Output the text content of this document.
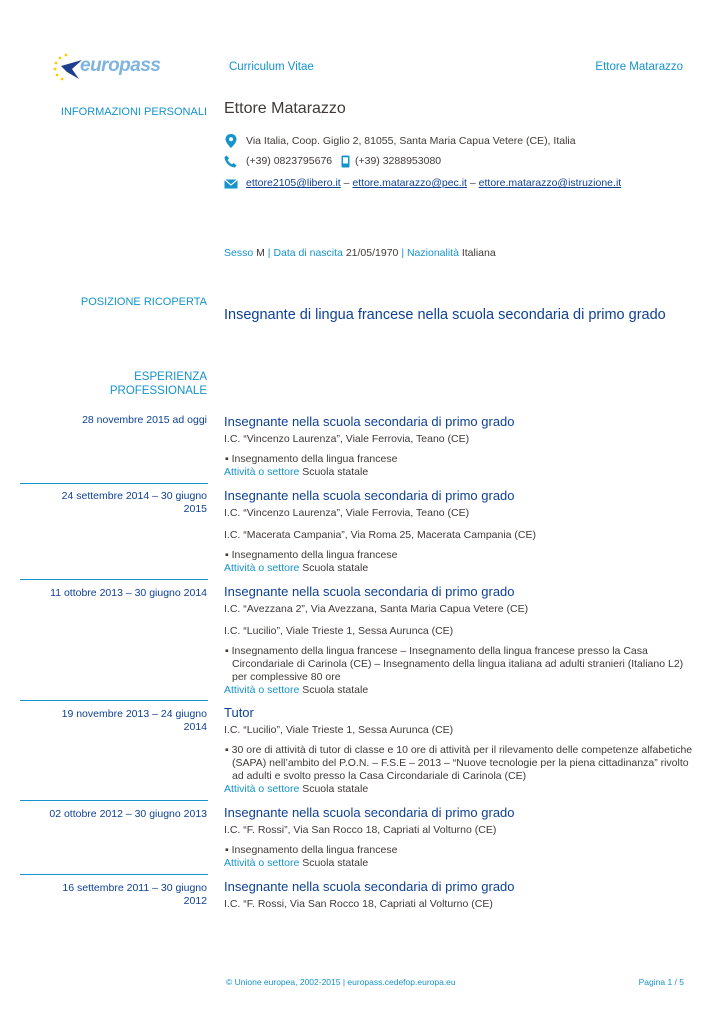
europass	Curriculum Vitae	Ettore Matarazzo
INFORMAZIONI PERSONALI Ettore Matarazzo
Via Italia, Coop. Giglio 2, 81055, Santa Maria Capua Vetere (CE), Italia
(+39) 0823795676 (+39) 3288953080
ettore2105@libero.it – ettore.matarazzo@pec.it – ettore.matarazzo@istruzione.it
Sesso M | Data di nascita 21/05/1970 | Nazionalità Italiana
POSIZIONE RICOPERTA
Insegnante di lingua francese nella scuola secondaria di primo grado
ESPERIENZA
PROFESSIONALE
28 novembre 2015 ad oggi Insegnante nella scuola secondaria di primo grado
I.C. “Vincenzo Laurenza”, Viale Ferrovia, Teano (CE)
▪ Insegnamento della lingua francese
Attività o settore Scuola statale
24 settembre 2014 – 30 giugno
2015
Insegnante nella scuola secondaria di primo grado
I.C. “Vincenzo Laurenza”, Viale Ferrovia, Teano (CE)
I.C. “Macerata Campania”, Via Roma 25, Macerata Campania (CE)
▪ Insegnamento della lingua francese
Attività o settore Scuola statale
11 ottobre 2013 – 30 giugno 2014 Insegnante nella scuola secondaria di primo grado
I.C. “Avezzana 2”, Via Avezzana, Santa Maria Capua Vetere (CE)
I.C. “Lucilio”, Viale Trieste 1, Sessa Aurunca (CE)
▪ Insegnamento della lingua francese – Insegnamento della lingua francese presso la Casa Circondariale di Carinola (CE) – Insegnamento della lingua italiana ad adulti stranieri (Italiano L2) per complessive 80 ore
Attività o settore Scuola statale
19 novembre 2013 – 24 giugno
2014
Tutor
I.C. “Lucilio”, Viale Trieste 1, Sessa Aurunca (CE)
▪ 30 ore di attività di tutor di classe e 10 ore di attività per il rilevamento delle competenze alfabetiche (SAPA) nell’ambito del P.O.N. – F.S.E – 2013 – “Nuove tecnologie per la piena cittadinanza” rivolto ad adulti e svolto presso la Casa Circondariale di Carinola (CE)
Attività o settore Scuola statale
02 ottobre 2012 – 30 giugno 2013 Insegnante nella scuola secondaria di primo grado
I.C. “F. Rossi”, Via San Rocco 18, Capriati al Volturno (CE)
▪ Insegnamento della lingua francese
Attività o settore Scuola statale
16 settembre 2011 – 30 giugno
2012
Insegnante nella scuola secondaria di primo grado
I.C. “F. Rossi, Via San Rocco 18, Capriati al Volturno (CE)
© Unione europea, 2002-2015 | europass.cedefop.europa.eu	Pagina 1 / 5
